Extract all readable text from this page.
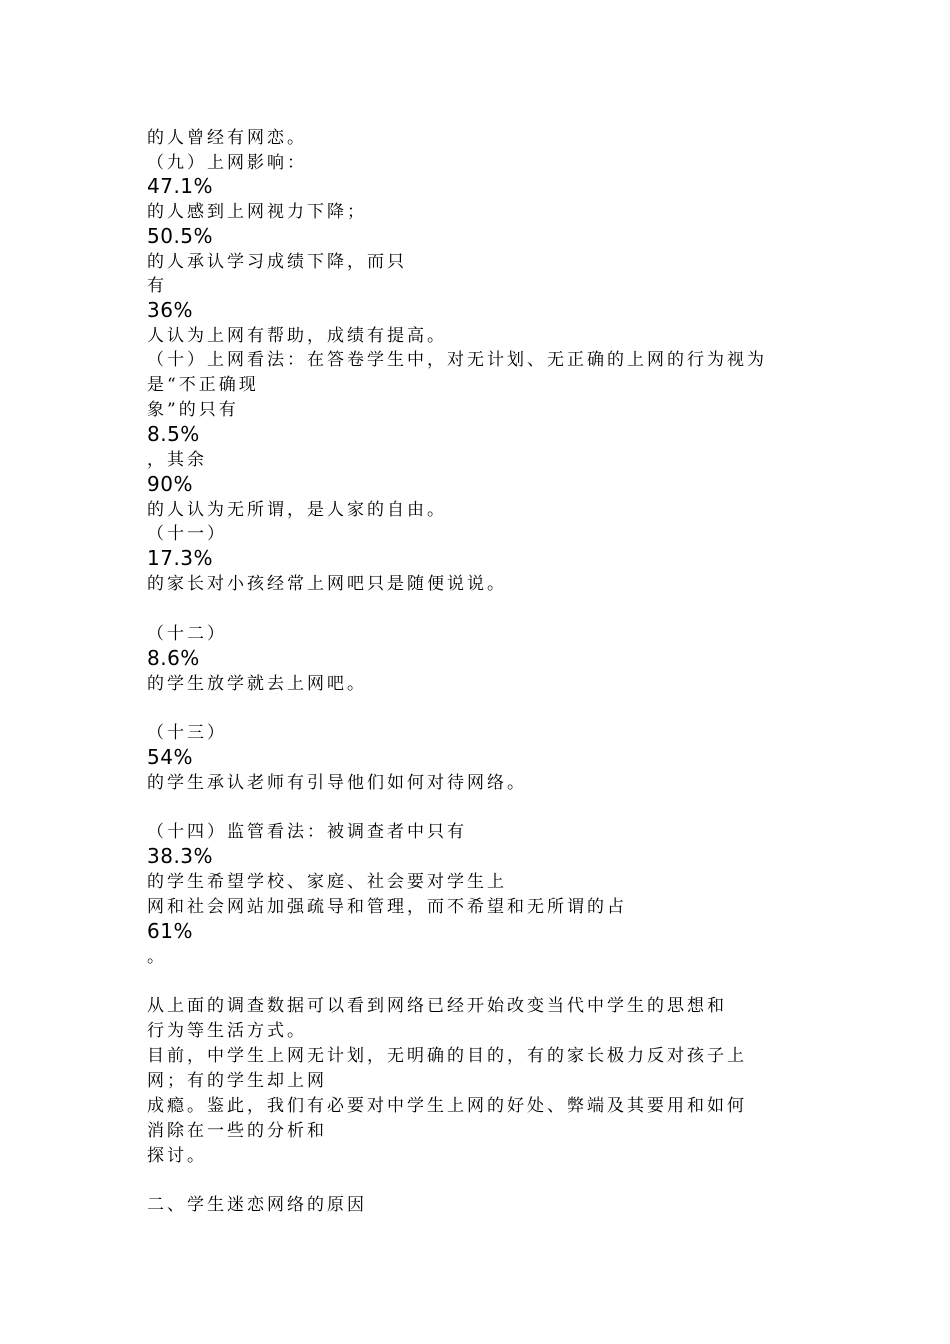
的人曾经有网恋。
（九）上网影响：
47.1%
的人感到上网视力下降；
50.5%
的人承认学习成绩下降，而只
有
36%
人认为上网有帮助，成绩有提高。
（十）上网看法：在答卷学生中，对无计划、无正确的上网的行为视为
是“不正确现
象”的只有
8.5%
，其余
90%
的人认为无所谓，是人家的自由。
（十一）
17.3%
的家长对小孩经常上网吧只是随便说说。
（十二）
8.6%
的学生放学就去上网吧。
（十三）
54%
的学生承认老师有引导他们如何对待网络。
（十四）监管看法：被调查者中只有
38.3%
的学生希望学校、家庭、社会要对学生上
网和社会网站加强疏导和管理，而不希望和无所谓的占
61%
。
从上面的调查数据可以看到网络已经开始改变当代中学生的思想和
行为等生活方式。
目前，中学生上网无计划，无明确的目的，有的家长极力反对孩子上
网；有的学生却上网
成瘾。鉴此，我们有必要对中学生上网的好处、弊端及其要用和如何
消除在一些的分析和
探讨。
二、学生迷恋网络的原因
